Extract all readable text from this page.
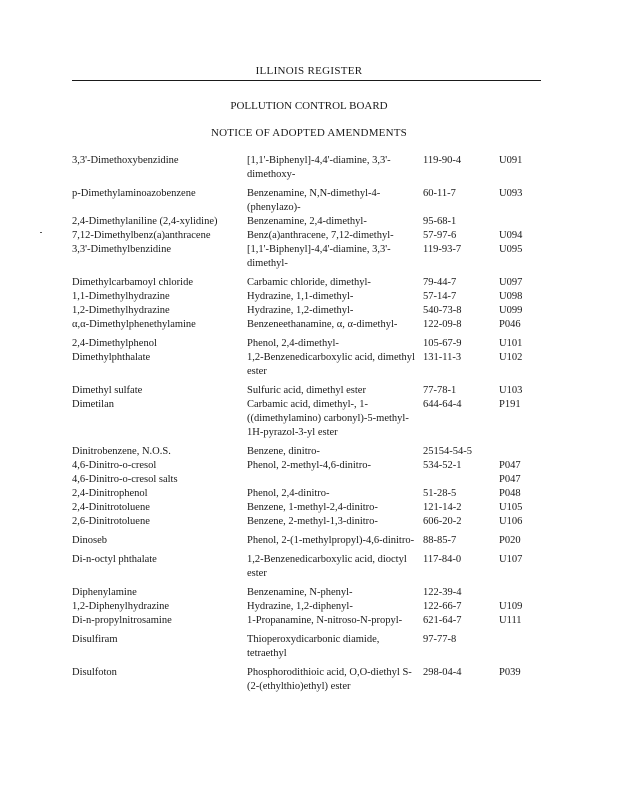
ILLINOIS REGISTER
POLLUTION CONTROL BOARD
NOTICE OF ADOPTED AMENDMENTS
3,3'-Dimethoxybenzidine	[1,1'-Biphenyl]-4,4'-diamine, 3,3'-dimethoxy-	119-90-4	U091
p-Dimethylaminoazobenzene	Benzenamine, N,N-dimethyl-4-(phenylazo)-	60-11-7	U093
2,4-Dimethylaniline (2,4-xylidine)	Benzenamine, 2,4-dimethyl-	95-68-1	
7,12-Dimethylbenz(a)anthracene	Benz(a)anthracene, 7,12-dimethyl-	57-97-6	U094
3,3'-Dimethylbenzidine	[1,1'-Biphenyl]-4,4'-diamine, 3,3'-dimethyl-	119-93-7	U095
Dimethylcarbamoyl chloride	Carbamic chloride, dimethyl-	79-44-7	U097
1,1-Dimethylhydrazine	Hydrazine, 1,1-dimethyl-	57-14-7	U098
1,2-Dimethylhydrazine	Hydrazine, 1,2-dimethyl-	540-73-8	U099
α,α-Dimethylphenethylamine	Benzeneethanamine, α, α-dimethyl-	122-09-8	P046
2,4-Dimethylphenol	Phenol, 2,4-dimethyl-	105-67-9	U101
Dimethylphthalate	1,2-Benzenedicarboxylic acid, dimethyl ester	131-11-3	U102
Dimethyl sulfate	Sulfuric acid, dimethyl ester	77-78-1	U103
Dimetilan	Carbamic acid, dimethyl-, 1-((dimethylamino) carbonyl)-5-methyl-1H-pyrazol-3-yl ester	644-64-4	P191
Dinitrobenzene, N.O.S.	Benzene, dinitro-	25154-54-5	
4,6-Dinitro-o-cresol	Phenol, 2-methyl-4,6-dinitro-	534-52-1	P047
4,6-Dinitro-o-cresol salts			P047
2,4-Dinitrophenol	Phenol, 2,4-dinitro-	51-28-5	P048
2,4-Dinitrotoluene	Benzene, 1-methyl-2,4-dinitro-	121-14-2	U105
2,6-Dinitrotoluene	Benzene, 2-methyl-1,3-dinitro-	606-20-2	U106
Dinoseb	Phenol, 2-(1-methylpropyl)-4,6-dinitro-	88-85-7	P020
Di-n-octyl phthalate	1,2-Benzenedicarboxylic acid, dioctyl ester	117-84-0	U107
Diphenylamine	Benzenamine, N-phenyl-	122-39-4	
1,2-Diphenylhydrazine	Hydrazine, 1,2-diphenyl-	122-66-7	U109
Di-n-propylnitrosamine	1-Propanamine, N-nitroso-N-propyl-	621-64-7	U111
Disulfiram	Thioperoxydicarbonic diamide, tetraethyl	97-77-8	
Disulfoton	Phosphorodithioic acid, O,O-diethyl S-(2-(ethylthio)ethyl) ester	298-04-4	P039
